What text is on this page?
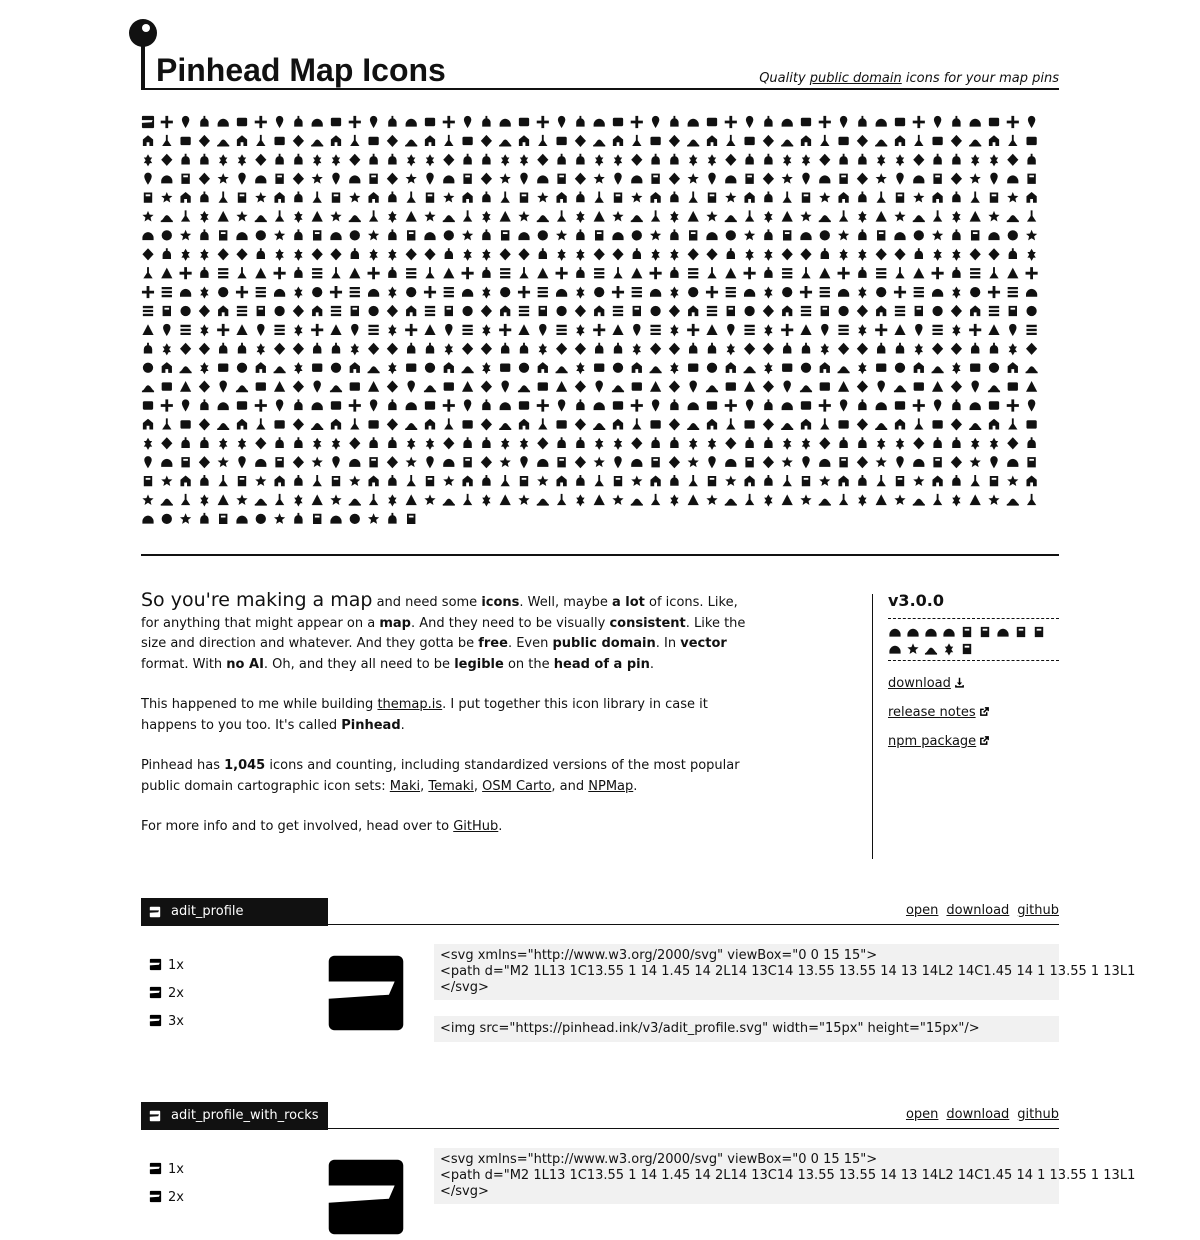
Pinhead Map Icons	Quality public domain icons for your map pins

So you're making a map and need some icons. Well, maybe a lot of icons. Like, for anything that might appear on a map. And they need to be visually consistent. Like the size and direction and whatever. And they gotta be free. Even public domain. In vector format. With no AI. Oh, and they all need to be legible on the head of a pin.

This happened to me while building themap.is. I put together this icon library in case it happens to you too. It's called Pinhead.

Pinhead has 1,045 icons and counting, including standardized versions of the most popular public domain cartographic icon sets: Maki, Temaki, OSM Carto, and NPMap.

For more info and to get involved, head over to GitHub.

v3.0.0
download
release notes
npm package
adit_profile	open download github
1x
2x
3x
<svg xmlns="http://www.w3.org/2000/svg" viewBox="0 0 15 15">
<path d="M2 1L13 1C13.55 1 14 1.45 14 2L14 13C14 13.55 13.55 14 13 14L2 14C1.45 14 1 13.55 1 13L1
</svg>
<img src="https://pinhead.ink/v3/adit_profile.svg" width="15px" height="15px"/>
adit_profile_with_rocks	open download github
1x
2x
<svg xmlns="http://www.w3.org/2000/svg" viewBox="0 0 15 15">
<path d="M2 1L13 1C13.55 1 14 1.45 14 2L14 13C14 13.55 13.55 14 13 14L2 14C1.45 14 1 13.55 1 13L1
</svg>
